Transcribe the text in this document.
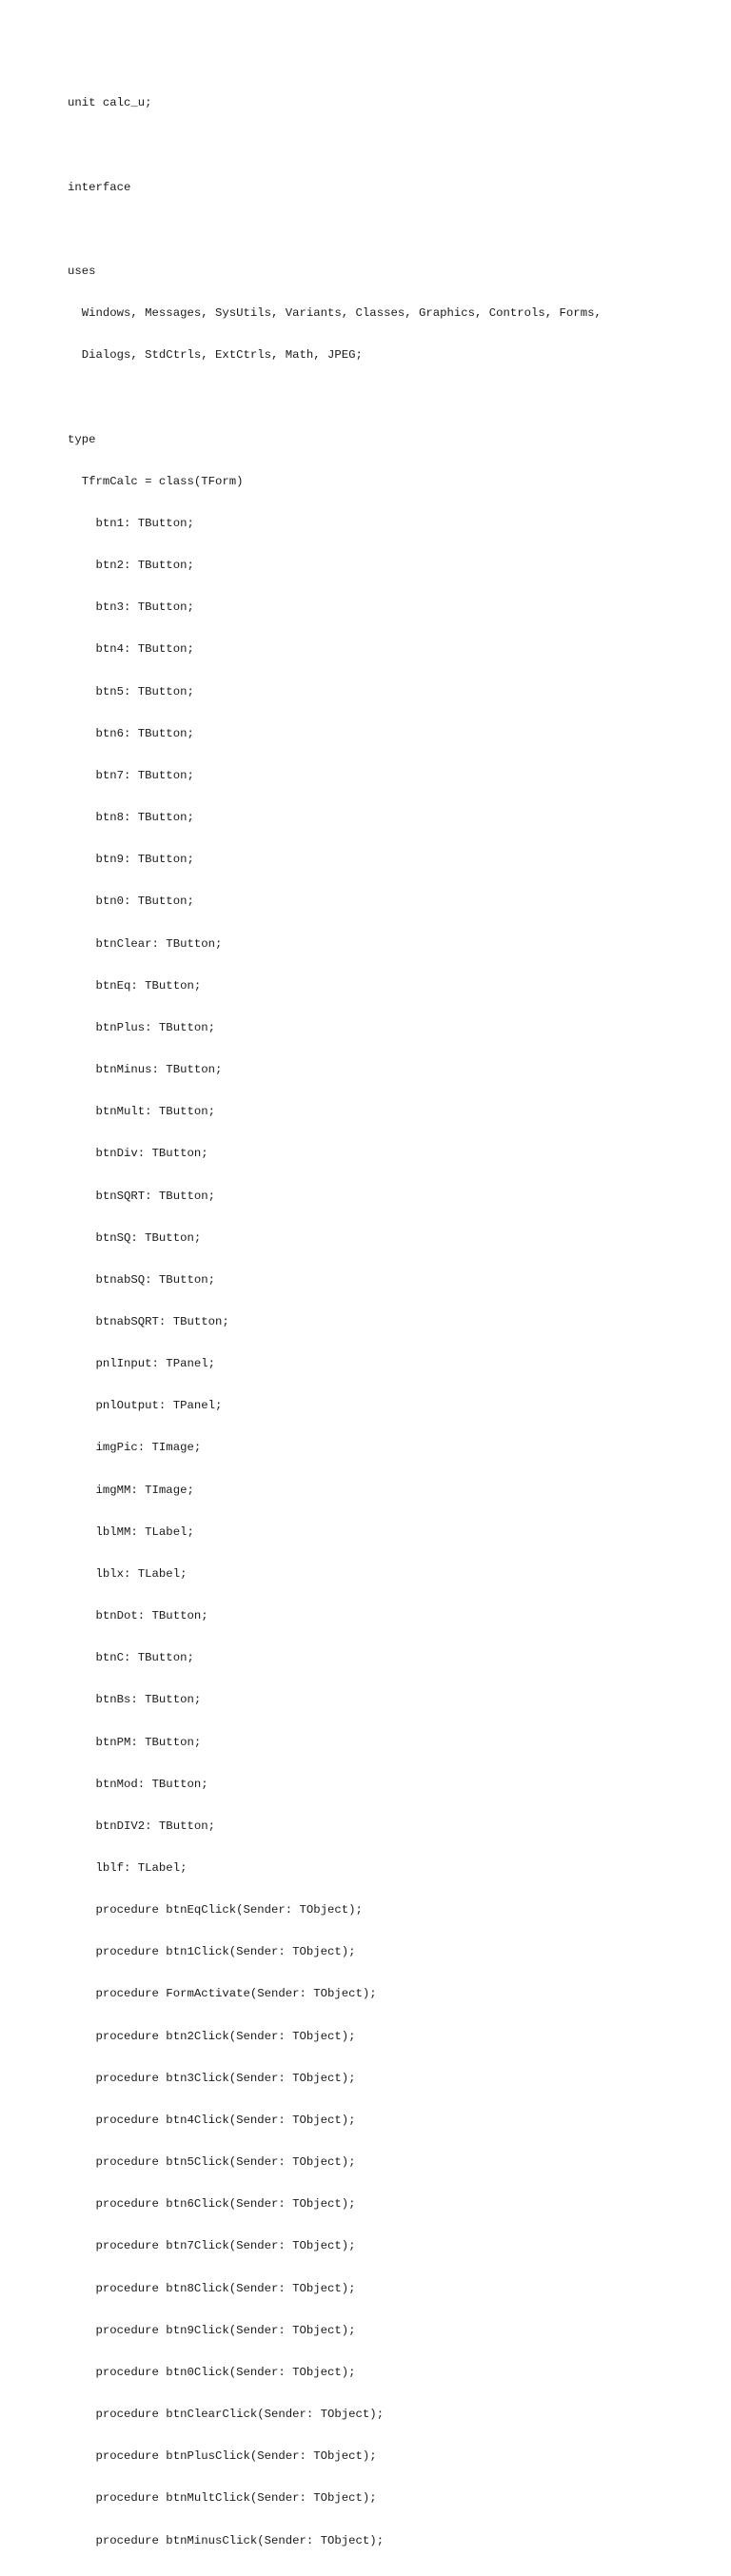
unit calc_u;

interface

uses

Windows, Messages, SysUtils, Variants, Classes, Graphics, Controls, Forms,

Dialogs, StdCtrls, ExtCtrls, Math, JPEG;

type

TfrmCalc = class(TForm)

btn1: TButton;

btn2: TButton;

btn3: TButton;

btn4: TButton;

btn5: TButton;

btn6: TButton;

btn7: TButton;

btn8: TButton;

btn9: TButton;

btn0: TButton;

btnClear: TButton;

btnEq: TButton;

btnPlus: TButton;

btnMinus: TButton;

btnMult: TButton;

btnDiv: TButton;

btnSQRT: TButton;

btnSQ: TButton;

btnabSQ: TButton;

btnabSQRT: TButton;

pnlInput: TPanel;

pnlOutput: TPanel;

imgPic: TImage;

imgMM: TImage;

lblMM: TLabel;

lblx: TLabel;

btnDot: TButton;

btnC: TButton;

btnBs: TButton;

btnPM: TButton;

btnMod: TButton;

btnDIV2: TButton;

lblf: TLabel;

procedure btnEqClick(Sender: TObject);

procedure btn1Click(Sender: TObject);

procedure FormActivate(Sender: TObject);

procedure btn2Click(Sender: TObject);

procedure btn3Click(Sender: TObject);

procedure btn4Click(Sender: TObject);

procedure btn5Click(Sender: TObject);

procedure btn6Click(Sender: TObject);

procedure btn7Click(Sender: TObject);

procedure btn8Click(Sender: TObject);

procedure btn9Click(Sender: TObject);

procedure btn0Click(Sender: TObject);

procedure btnClearClick(Sender: TObject);

procedure btnPlusClick(Sender: TObject);

procedure btnMultClick(Sender: TObject);

procedure btnMinusClick(Sender: TObject);
